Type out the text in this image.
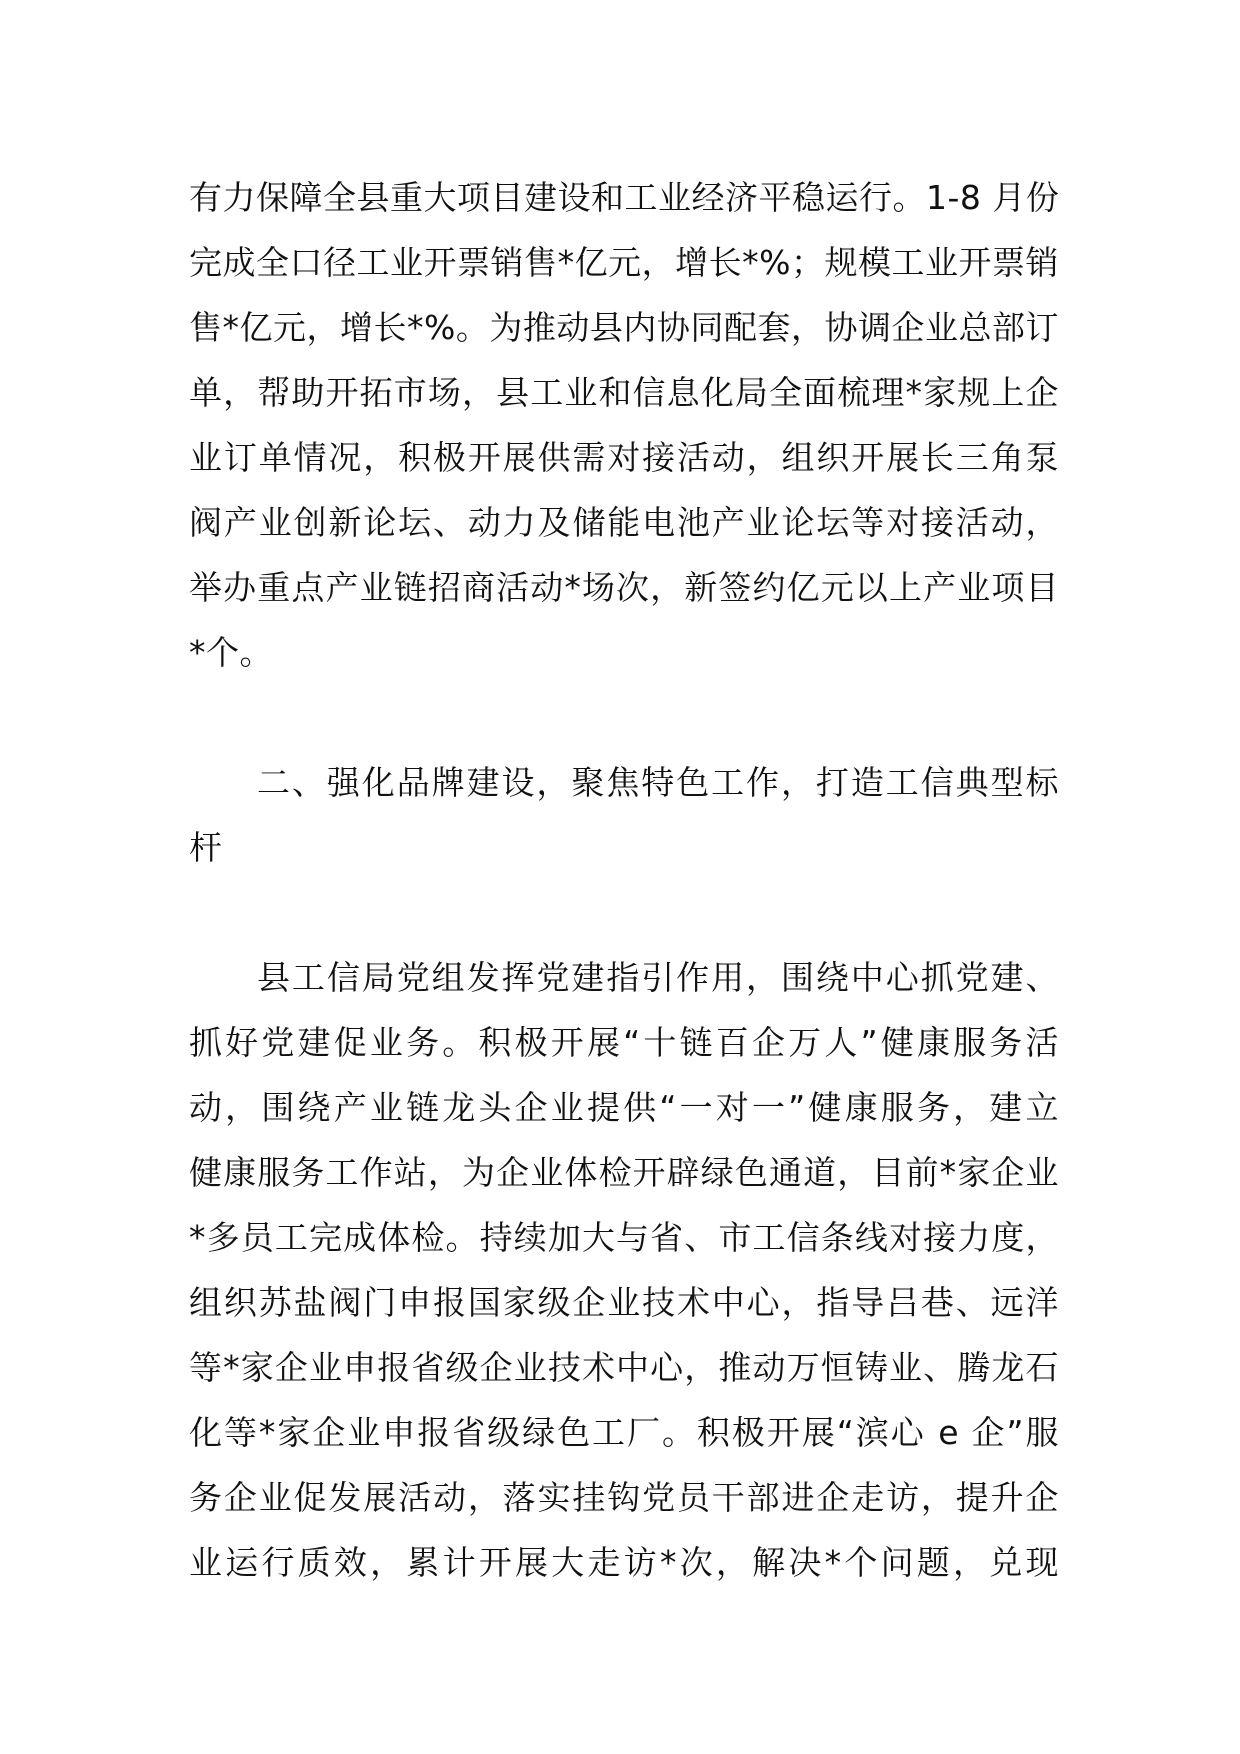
有力保障全县重大项目建设和工业经济平稳运行。1-8 月份
完成全口径工业开票销售*亿元，增长*%；规模工业开票销
售*亿元，增长*%。为推动县内协同配套，协调企业总部订
单，帮助开拓市场，县工业和信息化局全面梳理*家规上企
业订单情况，积极开展供需对接活动，组织开展长三角泵
阀产业创新论坛、动力及储能电池产业论坛等对接活动，
举办重点产业链招商活动*场次，新签约亿元以上产业项目
*个。
二、强化品牌建设，聚焦特色工作，打造工信典型标
杆
县工信局党组发挥党建指引作用，围绕中心抓党建、
抓好党建促业务。积极开展“十链百企万人”健康服务活
动，围绕产业链龙头企业提供“一对一”健康服务，建立
健康服务工作站，为企业体检开辟绿色通道，目前*家企业
*多员工完成体检。持续加大与省、市工信条线对接力度，
组织苏盐阀门申报国家级企业技术中心，指导吕巷、远洋
等*家企业申报省级企业技术中心，推动万恒铸业、腾龙石
化等*家企业申报省级绿色工厂。积极开展“滨心 e 企”服
务企业促发展活动，落实挂钩党员干部进企走访，提升企
业运行质效，累计开展大走访*次，解决*个问题，兑现
